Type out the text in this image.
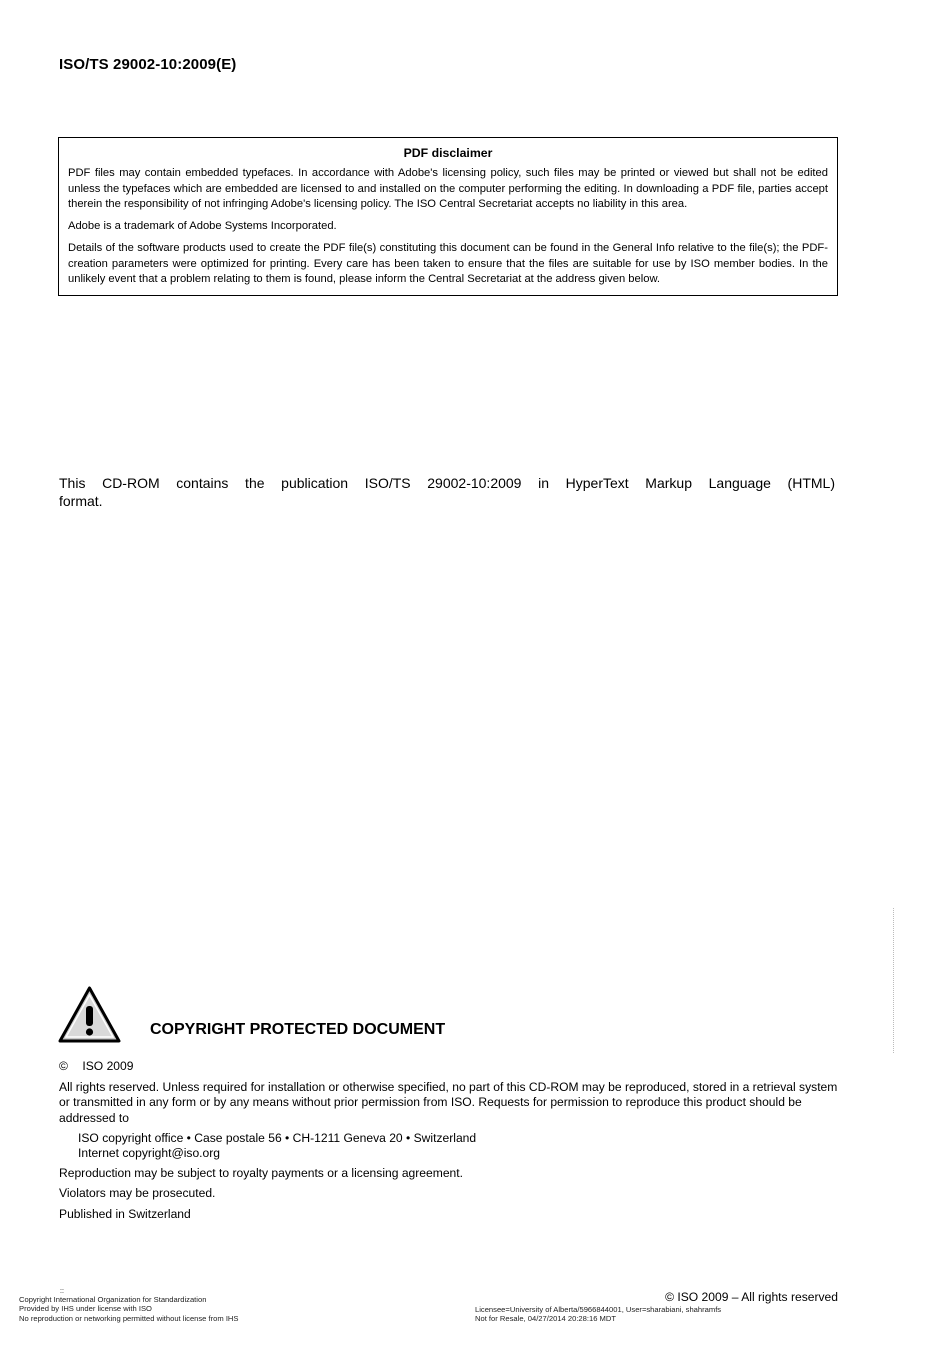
ISO/TS 29002-10:2009(E)
PDF disclaimer

PDF files may contain embedded typefaces. In accordance with Adobe's licensing policy, such files may be printed or viewed but shall not be edited unless the typefaces which are embedded are licensed to and installed on the computer performing the editing. In downloading a PDF file, parties accept therein the responsibility of not infringing Adobe's licensing policy. The ISO Central Secretariat accepts no liability in this area.

Adobe is a trademark of Adobe Systems Incorporated.

Details of the software products used to create the PDF file(s) constituting this document can be found in the General Info relative to the file(s); the PDF-creation parameters were optimized for printing. Every care has been taken to ensure that the files are suitable for use by ISO member bodies. In the unlikely event that a problem relating to them is found, please inform the Central Secretariat at the address given below.

This CD-ROM contains the publication ISO/TS 29002-10:2009 in HyperText Markup Language (HTML)
format.
COPYRIGHT PROTECTED DOCUMENT

© ISO 2009

All rights reserved. Unless required for installation or otherwise specified, no part of this CD-ROM may be reproduced, stored in a retrieval system or transmitted in any form or by any means without prior permission from ISO. Requests for permission to reproduce this product should be addressed to

ISO copyright office • Case postale 56 • CH-1211 Geneva 20 • Switzerland
Internet copyright@iso.org

Reproduction may be subject to royalty payments or a licensing agreement.

Violators may be prosecuted.

Published in Switzerland

© ISO 2009 – All rights reserved
::
Copyright International Organization for Standardization
Provided by IHS under license with ISO
No reproduction or networking permitted without license from IHS
Licensee=University of Alberta/5966844001, User=sharabiani, shahramfs
Not for Resale, 04/27/2014 20:28:16 MDT
